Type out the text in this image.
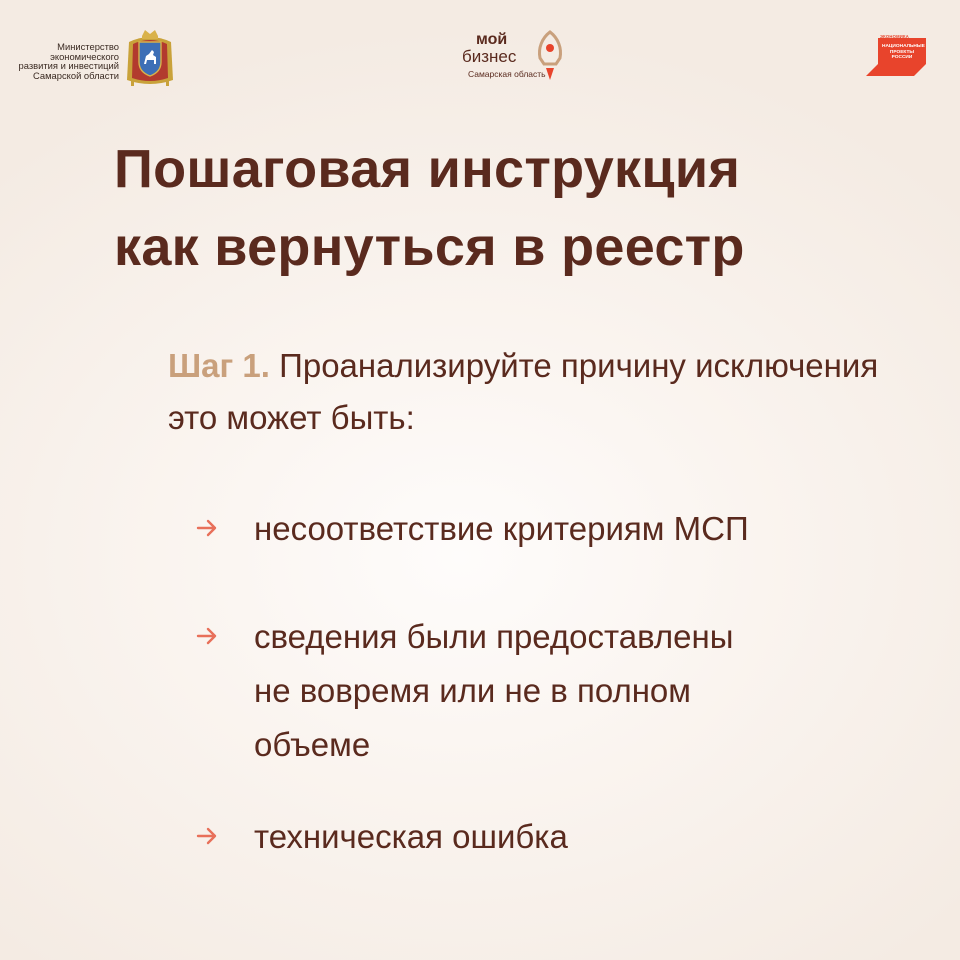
Министерство
экономического
развития и инвестиций
Самарской области
мой
бизнес
Самарская область
ЭКОНОМИКА
НАЦИОНАЛЬНЫЕ
ПРОЕКТЫ
РОССИИ
Пошаговая инструкция
как вернуться в реестр

Шаг 1. Проанализируйте причину исключения это может быть:

несоответствие критериям МСП
сведения были предоставлены
не вовремя или не в полном
объеме
техническая ошибка
